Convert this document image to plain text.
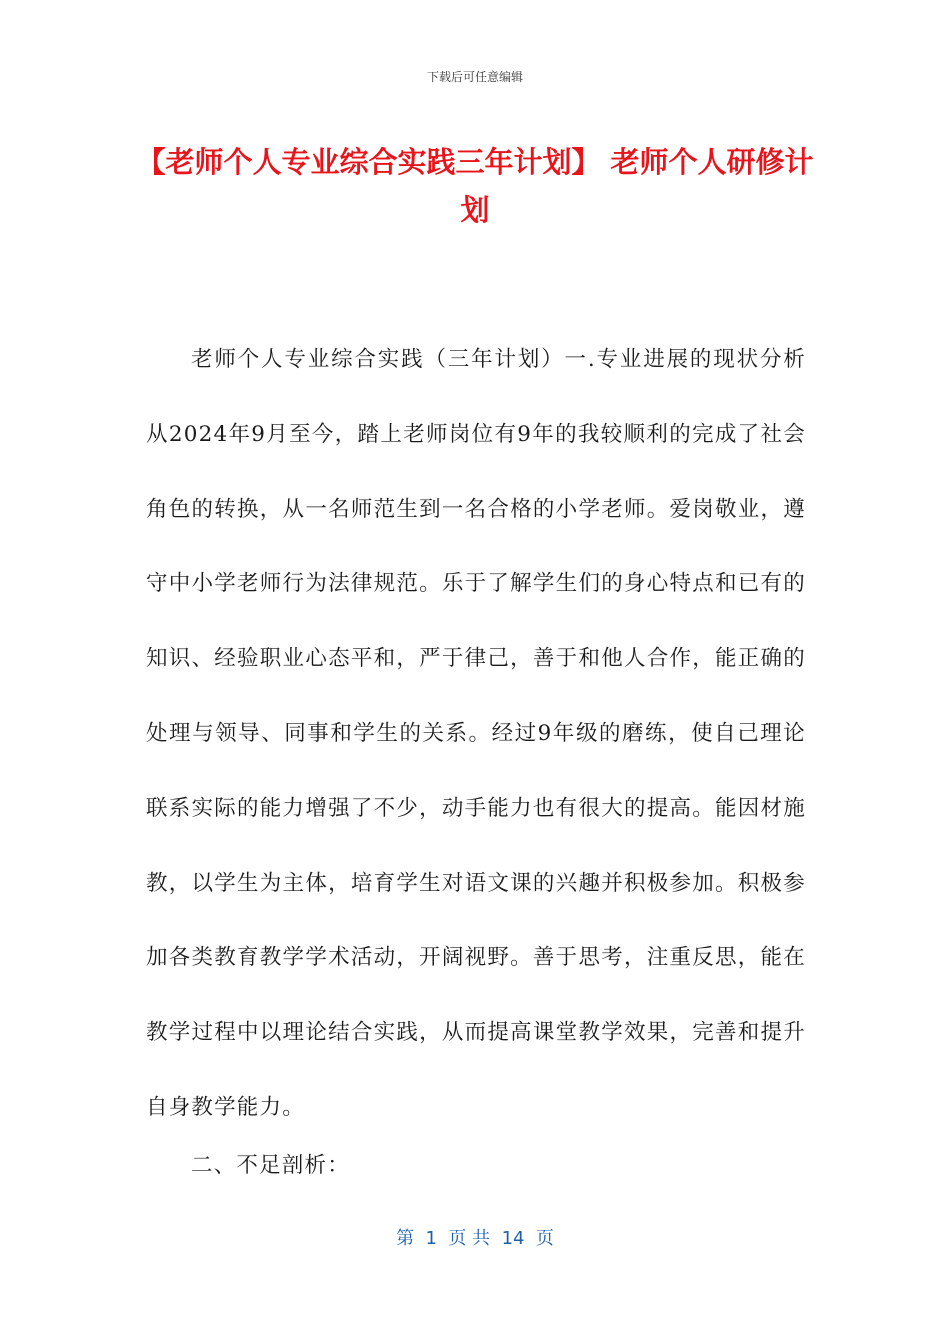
下载后可任意编辑
【老师个人专业综合实践三年计划】 老师个人研修计划

老师个人专业综合实践（三年计划）一.专业进展的现状分析从2024年9月至今，踏上老师岗位有9年的我较顺利的完成了社会角色的转换，从一名师范生到一名合格的小学老师。爱岗敬业，遵守中小学老师行为法律规范。乐于了解学生们的身心特点和已有的知识、经验职业心态平和，严于律己，善于和他人合作，能正确的处理与领导、同事和学生的关系。经过9年级的磨练，使自己理论联系实际的能力增强了不少，动手能力也有很大的提高。能因材施教，以学生为主体，培育学生对语文课的兴趣并积极参加。积极参加各类教育教学学术活动，开阔视野。善于思考，注重反思，能在教学过程中以理论结合实践，从而提高课堂教学效果，完善和提升自身教学能力。

二、不足剖析：

第  1  页 共  14  页
